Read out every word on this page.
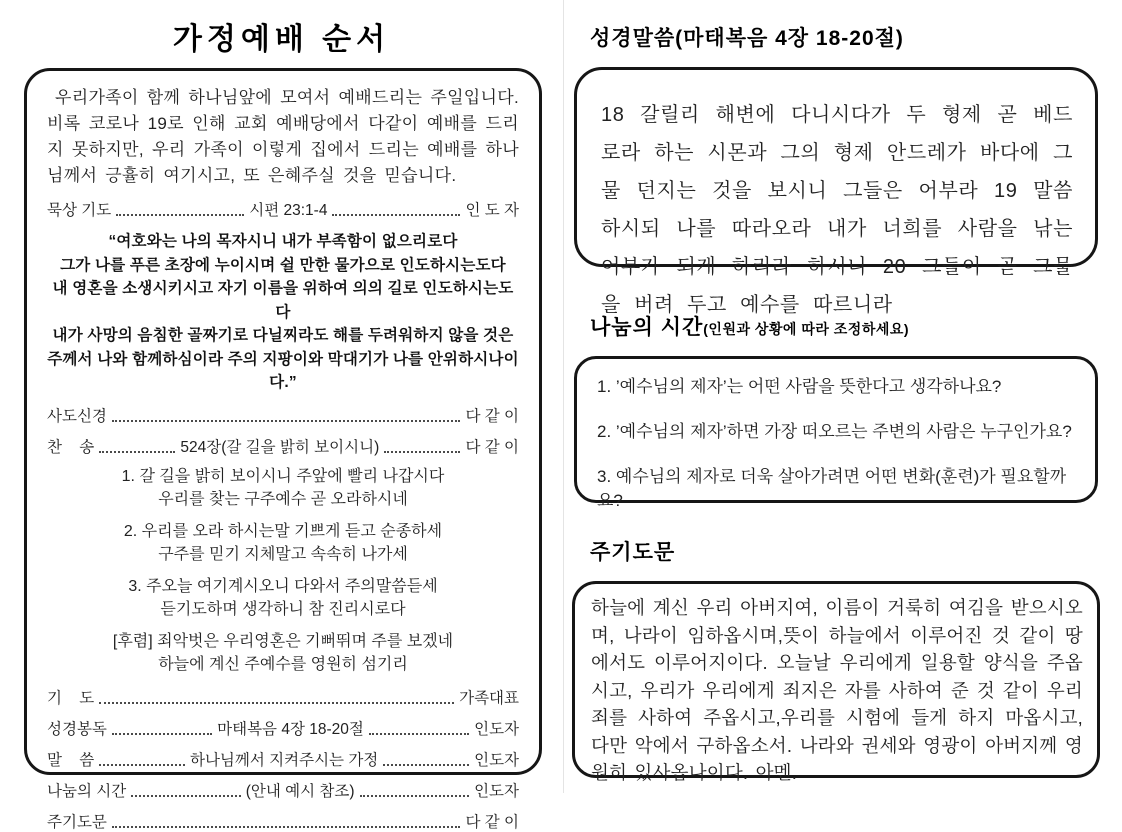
가정예배 순서

우리가족이 함께 하나님앞에 모여서 예배드리는 주일입니다. 비록 코로나 19로 인해 교회 예배당에서 다같이 예배를 드리지 못하지만, 우리 가족이 이렇게 집에서 드리는 예배를 하나님께서 긍휼히 여기시고, 또 은혜주실 것을 믿습니다.

묵상 기도	시편 23:1-4	인 도 자
“여호와는 나의 목자시니 내가 부족함이 없으리로다
그가 나를 푸른 초장에 누이시며 쉴 만한 물가으로 인도하시는도다
내 영혼을 소생시키시고 자기 이름을 위하여 의의 길로 인도하시는도다
내가 사망의 음침한 골짜기로 다닐찌라도 해를 두려워하지 않을 것은
주께서 나와 함께하심이라 주의 지팡이와 막대기가 나를 안위하시나이다.”
사도신경	다 같 이
찬    송	524장(갈 길을 밝히 보이시니)	다 같 이
1. 갈 길을 밝히 보이시니 주앞에 빨리 나갑시다
우리를 찾는 구주예수 곧 오라하시네
2. 우리를 오라 하시는말 기쁘게 듣고 순종하세
구주를 믿기 지체말고 속속히 나가세
3. 주오늘 여기계시오니 다와서 주의말씀듣세
듣기도하며 생각하니 참 진리시로다
[후렴] 죄악벗은 우리영혼은 기뻐뛰며 주를 보겠네
하늘에 계신 주예수를 영원히 섬기리
기    도	가족대표
성경봉독	마태복음 4장 18-20절	인도자
말    씀	하나님께서 지켜주시는 가정	인도자
나눔의 시간	(안내 예시 참조)	인도자
주기도문	다 같 이
성경말씀(마태복음 4장 18-20절)
18 갈릴리 해변에 다니시다가 두 형제 곧 베드로라 하는 시몬과 그의 형제 안드레가 바다에 그물 던지는 것을 보시니 그들은 어부라 19 말씀하시되 나를 따라오라 내가 너희를 사람을 낚는 어부가 되게 하리라 하시니 20 그들이 곧 그물을 버려 두고 예수를 따르니라
나눔의 시간(인원과 상황에 따라 조정하세요)
1. ’예수님의 제자’는 어떤 사람을 뜻한다고 생각하나요?
2. ’예수님의 제자’하면 가장 떠오르는 주변의 사람은 누구인가요?
3. 예수님의 제자로 더욱 살아가려면 어떤 변화(훈련)가 필요할까요?
주기도문
하늘에 계신 우리 아버지여, 이름이 거룩히 여김을 받으시오며, 나라이 임하옵시며,뜻이 하늘에서 이루어진 것 같이 땅에서도 이루어지이다. 오늘날 우리에게 일용할 양식을 주옵시고, 우리가 우리에게 죄지은 자를 사하여 준 것 같이 우리 죄를 사하여 주옵시고,우리를 시험에 들게 하지 마옵시고, 다만 악에서 구하옵소서. 나라와 권세와 영광이 아버지께 영원히 있사옵나이다. 아멘.
